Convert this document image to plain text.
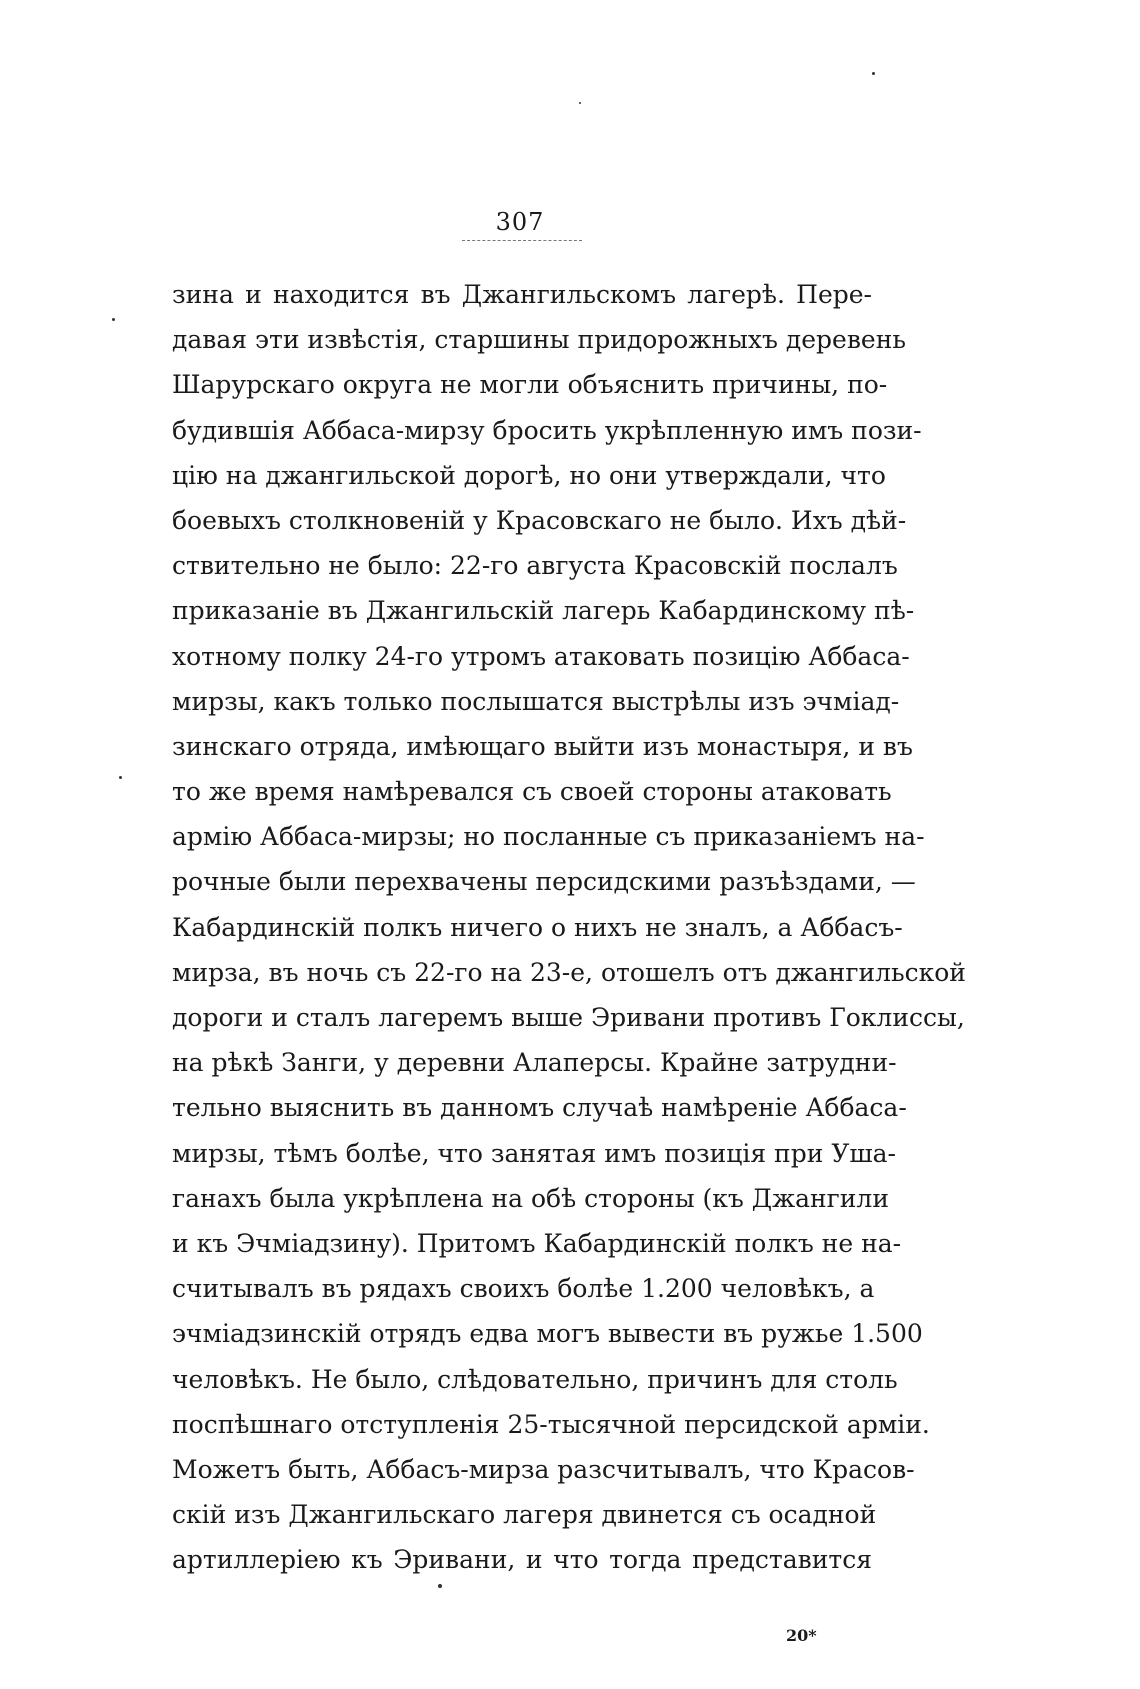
307
зина и находится въ Джангильскомъ лагерѣ. Пере-
давая эти извѣстія, старшины придорожныхъ деревень
Шарурскаго округа не могли объяснить причины, по-
будившія Аббаса-мирзу бросить укрѣпленную имъ пози-
цію на джангильской дорогѣ, но они утверждали, что
боевыхъ столкновеній у Красовскаго не было. Ихъ дѣй-
ствительно не было: 22-го августа Красовскій послалъ
приказаніе въ Джангильскій лагерь Кабардинскому пѣ-
хотному полку 24-го утромъ атаковать позицію Аббаса-
мирзы, какъ только послышатся выстрѣлы изъ эчміад-
зинскаго отряда, имѣющаго выйти изъ монастыря, и въ
то же время намѣревался съ своей стороны атаковать
армію Аббаса-мирзы; но посланные съ приказаніемъ на-
рочные были перехвачены персидскими разъѣздами, —
Кабардинскій полкъ ничего о нихъ не зналъ, а Аббасъ-
мирза, въ ночь съ 22-го на 23-е, отошелъ отъ джангильской
дороги и сталъ лагеремъ выше Эривани противъ Гоклиссы,
на рѣкѣ Занги, у деревни Алаперсы. Крайне затрудни-
тельно выяснить въ данномъ случаѣ намѣреніе Аббаса-
мирзы, тѣмъ болѣе, что занятая имъ позиція при Уша-
ганахъ была укрѣплена на обѣ стороны (къ Джангили
и къ Эчміадзину). Притомъ Кабардинскій полкъ не на-
считывалъ въ рядахъ своихъ болѣе 1.200 человѣкъ, а
эчміадзинскій отрядъ едва могъ вывести въ ружье 1.500
человѣкъ. Не было, слѣдовательно, причинъ для столь
поспѣшнаго отступленія 25-тысячной персидской арміи.
Можетъ быть, Аббасъ-мирза разсчитывалъ, что Красов-
скій изъ Джангильскаго лагеря двинется съ осадной
артиллеріею къ Эривани, и что тогда представится
20*
